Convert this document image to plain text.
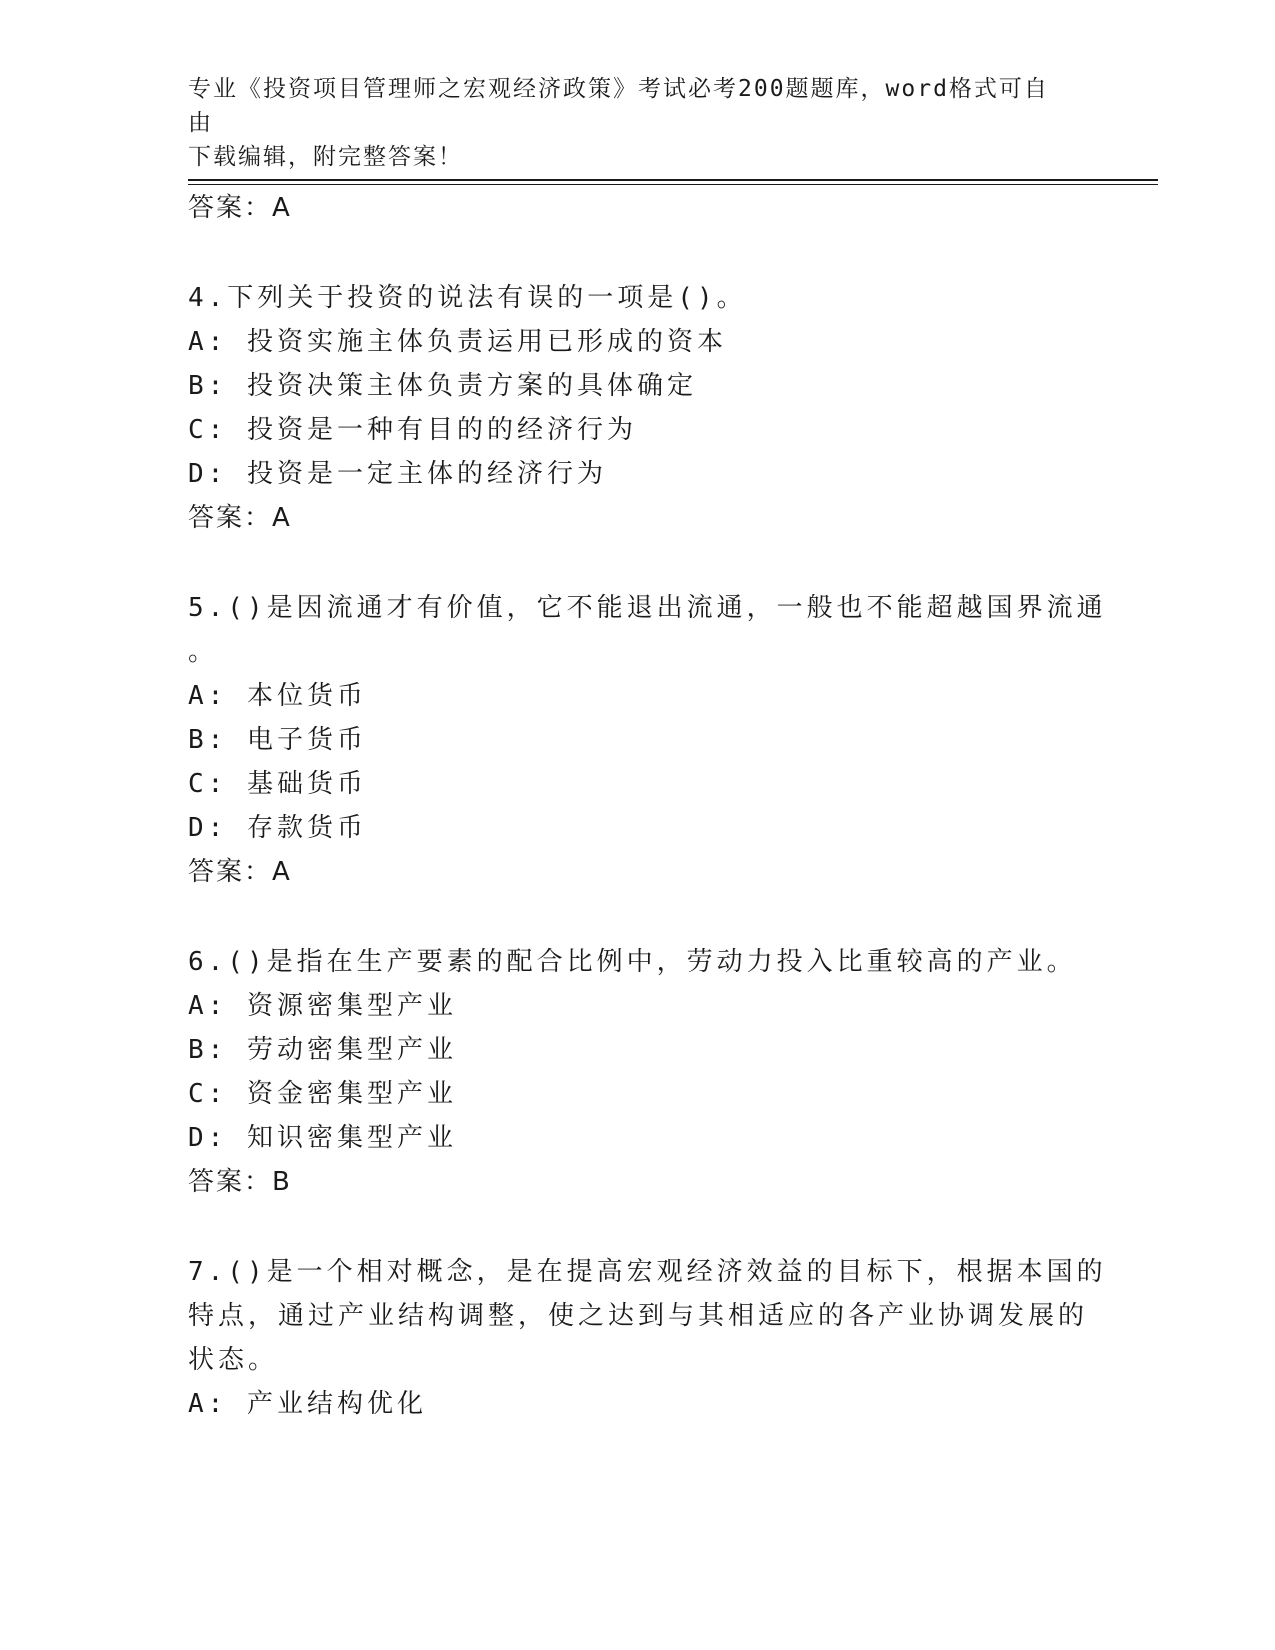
专业《投资项目管理师之宏观经济政策》考试必考200题题库，word格式可自由
下载编辑，附完整答案！
答案：A
4.下列关于投资的说法有误的一项是()。
A: 投资实施主体负责运用已形成的资本
B: 投资决策主体负责方案的具体确定
C: 投资是一种有目的的经济行为
D: 投资是一定主体的经济行为
答案：A
5.()是因流通才有价值，它不能退出流通，一般也不能超越国界流通
。
A: 本位货币
B: 电子货币
C: 基础货币
D: 存款货币
答案：A
6.()是指在生产要素的配合比例中，劳动力投入比重较高的产业。
A: 资源密集型产业
B: 劳动密集型产业
C: 资金密集型产业
D: 知识密集型产业
答案：B
7.()是一个相对概念，是在提高宏观经济效益的目标下，根据本国的
特点，通过产业结构调整，使之达到与其相适应的各产业协调发展的
状态。
A: 产业结构优化
